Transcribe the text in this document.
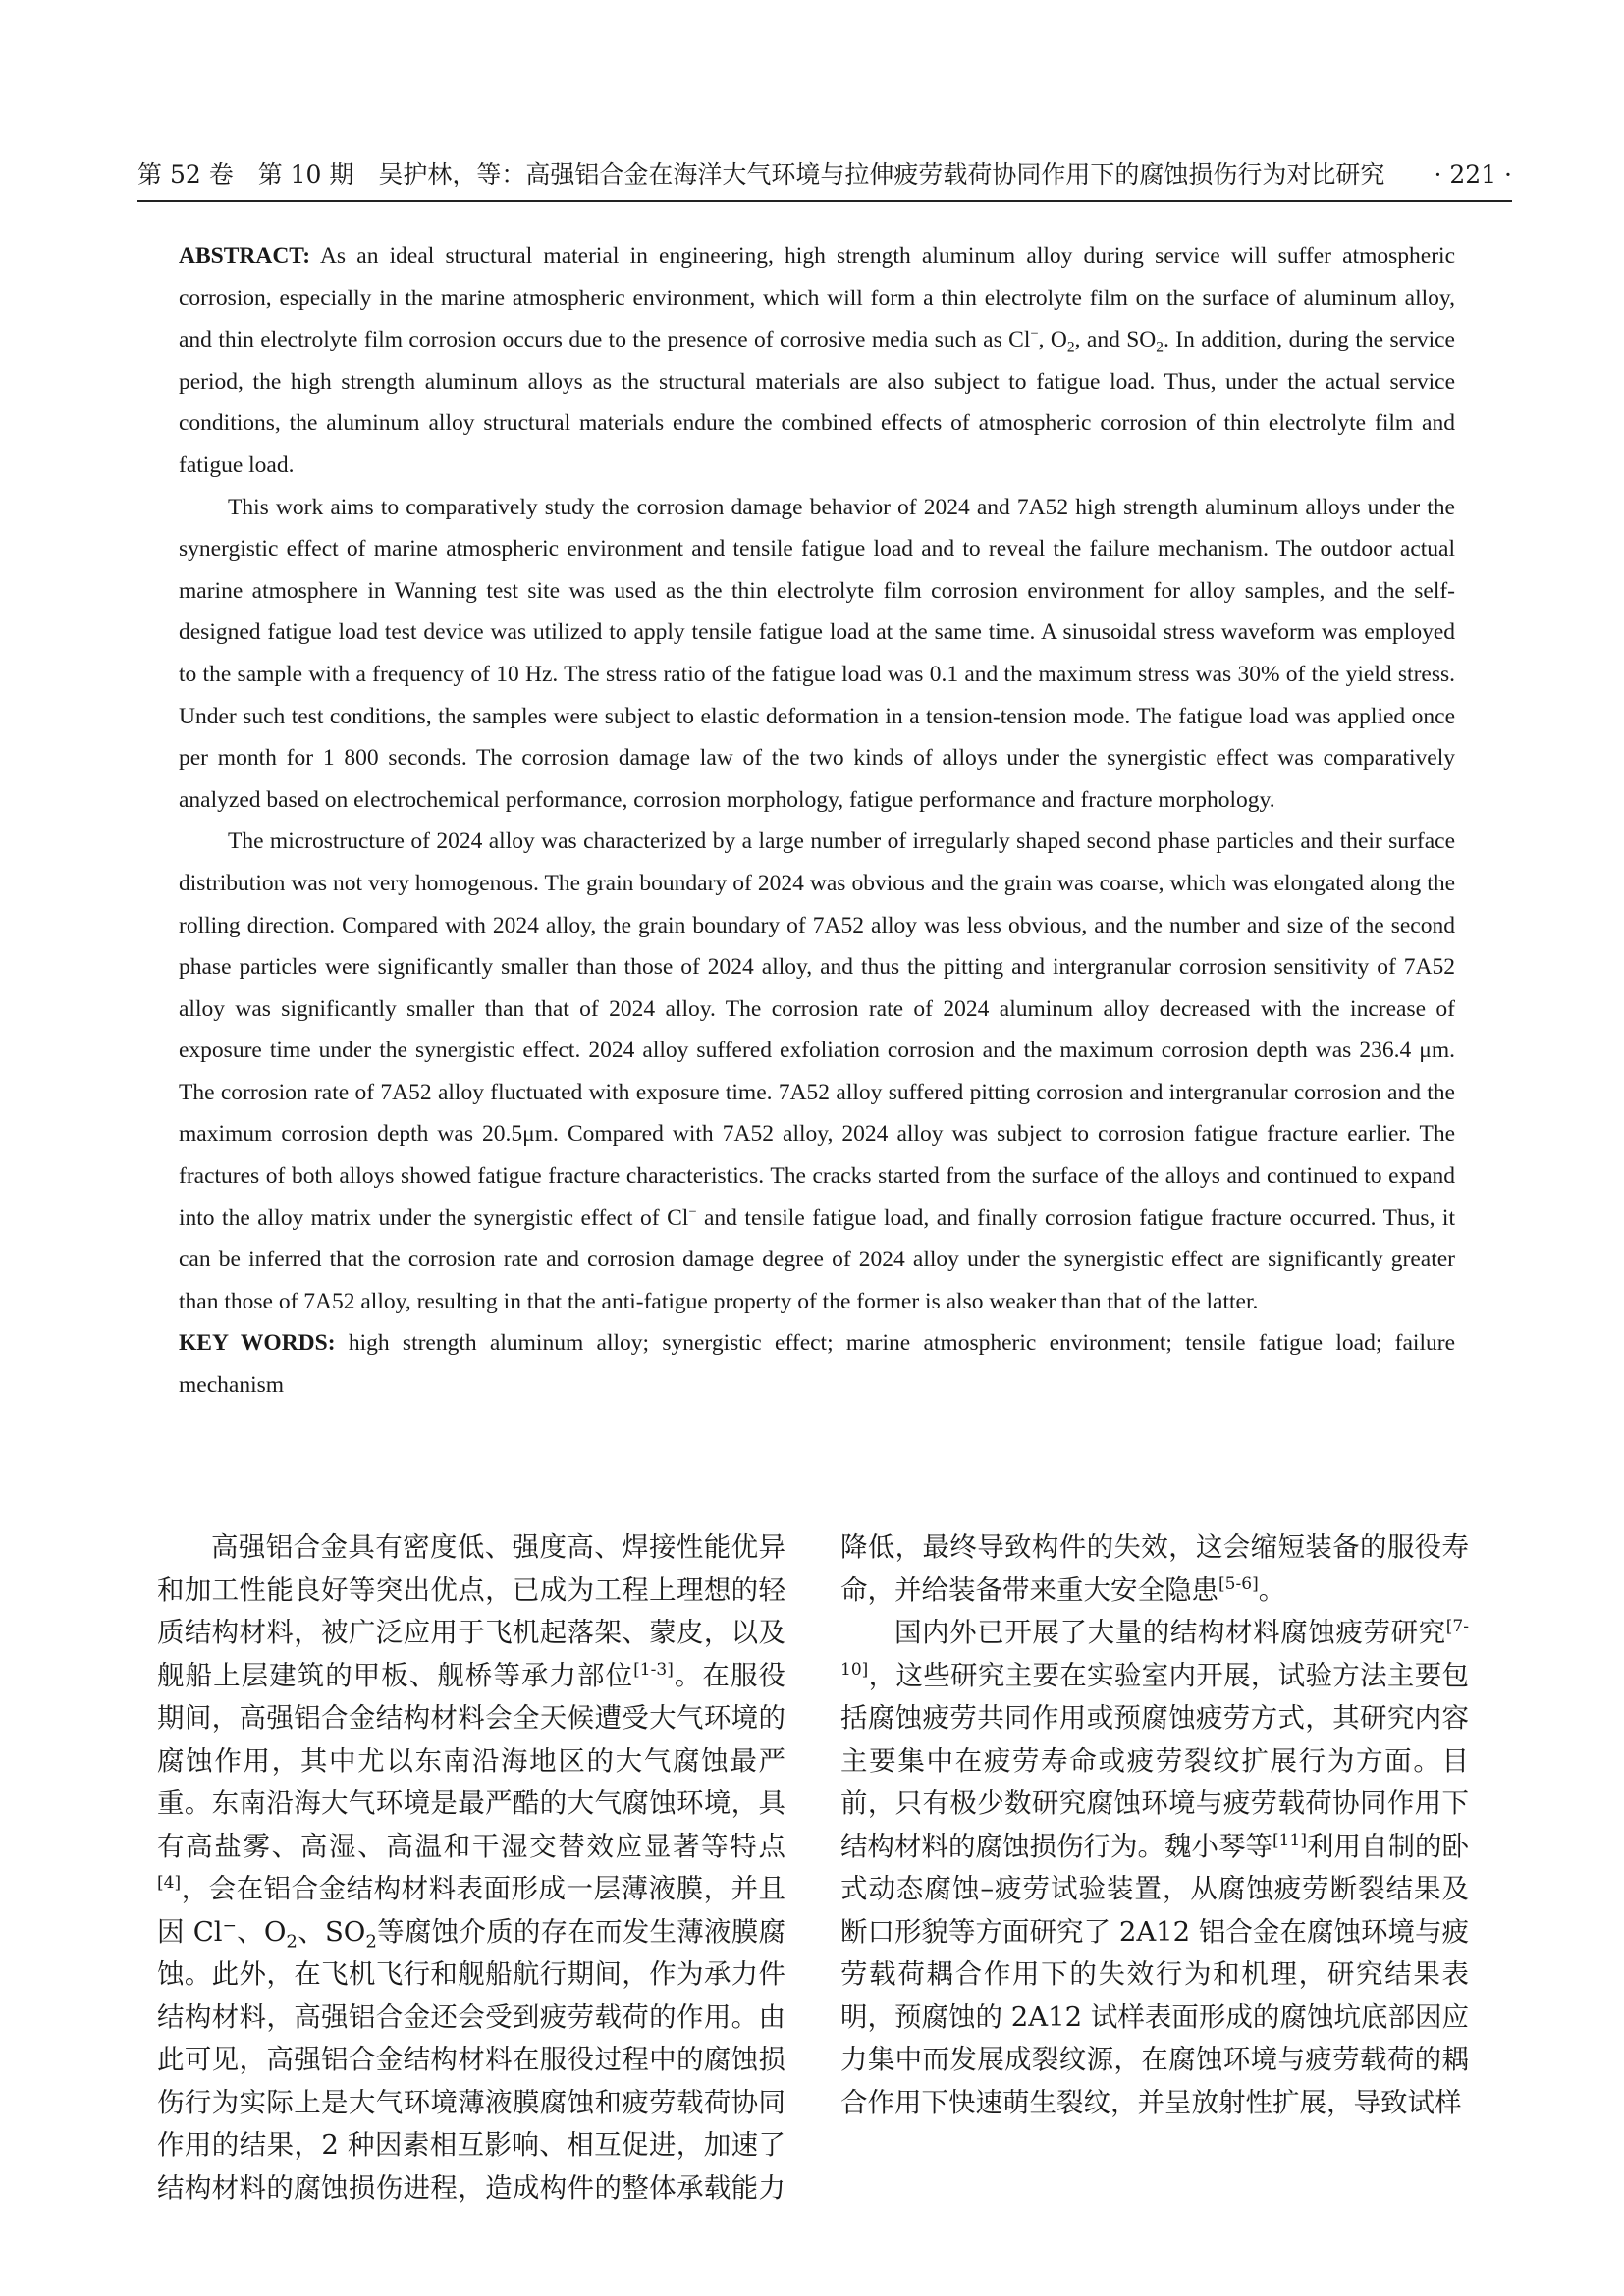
第 52 卷　第 10 期　吴护林，等：高强铝合金在海洋大气环境与拉伸疲劳载荷协同作用下的腐蚀损伤行为对比研究 · 221 ·

ABSTRACT: As an ideal structural material in engineering, high strength aluminum alloy during service will suffer atmospheric corrosion, especially in the marine atmospheric environment, which will form a thin electrolyte film on the surface of aluminum alloy, and thin electrolyte film corrosion occurs due to the presence of corrosive media such as Cl−, $O_2$, and $SO_2$. In addition, during the service period, the high strength aluminum alloys as the structural materials are also subject to fatigue load. Thus, under the actual service conditions, the aluminum alloy structural materials endure the combined effects of atmospheric corrosion of thin electrolyte film and fatigue load.

This work aims to comparatively study the corrosion damage behavior of 2024 and 7A52 high strength aluminum alloys under the synergistic effect of marine atmospheric environment and tensile fatigue load and to reveal the failure mechanism. The outdoor actual marine atmosphere in Wanning test site was used as the thin electrolyte film corrosion environment for alloy samples, and the self-designed fatigue load test device was utilized to apply tensile fatigue load at the same time. A sinusoidal stress waveform was employed to the sample with a frequency of 10 Hz. The stress ratio of the fatigue load was 0.1 and the maximum stress was 30% of the yield stress. Under such test conditions, the samples were subject to elastic deformation in a tension-tension mode. The fatigue load was applied once per month for 1 800 seconds. The corrosion damage law of the two kinds of alloys under the synergistic effect was comparatively analyzed based on electrochemical performance, corrosion morphology, fatigue performance and fracture morphology.

The microstructure of 2024 alloy was characterized by a large number of irregularly shaped second phase particles and their surface distribution was not very homogenous. The grain boundary of 2024 was obvious and the grain was coarse, which was elongated along the rolling direction. Compared with 2024 alloy, the grain boundary of 7A52 alloy was less obvious, and the number and size of the second phase particles were significantly smaller than those of 2024 alloy, and thus the pitting and intergranular corrosion sensitivity of 7A52 alloy was significantly smaller than that of 2024 alloy. The corrosion rate of 2024 aluminum alloy decreased with the increase of exposure time under the synergistic effect. 2024 alloy suffered exfoliation corrosion and the maximum corrosion depth was 236.4 μm. The corrosion rate of 7A52 alloy fluctuated with exposure time. 7A52 alloy suffered pitting corrosion and intergranular corrosion and the maximum corrosion depth was 20.5μm. Compared with 7A52 alloy, 2024 alloy was subject to corrosion fatigue fracture earlier. The fractures of both alloys showed fatigue fracture characteristics. The cracks started from the surface of the alloys and continued to expand into the alloy matrix under the synergistic effect of Cl− and tensile fatigue load, and finally corrosion fatigue fracture occurred. Thus, it can be inferred that the corrosion rate and corrosion damage degree of 2024 alloy under the synergistic effect are significantly greater than those of 7A52 alloy, resulting in that the anti-fatigue property of the former is also weaker than that of the latter.

KEY WORDS: high strength aluminum alloy; synergistic effect; marine atmospheric environment; tensile fatigue load; failure mechanism

高强铝合金具有密度低、强度高、焊接性能优异和加工性能良好等突出优点，已成为工程上理想的轻质结构材料，被广泛应用于飞机起落架、蒙皮，以及舰船上层建筑的甲板、舰桥等承力部位[1-3]。在服役期间，高强铝合金结构材料会全天候遭受大气环境的腐蚀作用，其中尤以东南沿海地区的大气腐蚀最严重。东南沿海大气环境是最严酷的大气腐蚀环境，具有高盐雾、高湿、高温和干湿交替效应显著等特点[4]，会在铝合金结构材料表面形成一层薄液膜，并且因 Cl−、$O_2$、$SO_2$等腐蚀介质的存在而发生薄液膜腐蚀。此外，在飞机飞行和舰船航行期间，作为承力件结构材料，高强铝合金还会受到疲劳载荷的作用。由此可见，高强铝合金结构材料在服役过程中的腐蚀损伤行为实际上是大气环境薄液膜腐蚀和疲劳载荷协同作用的结果，2 种因素相互影响、相互促进，加速了结构材料的腐蚀损伤进程，造成构件的整体承载能力降低，最终导致构件的失效，这会缩短装备的服役寿命，并给装备带来重大安全隐患[5-6]。

国内外已开展了大量的结构材料腐蚀疲劳研究[7-10]，这些研究主要在实验室内开展，试验方法主要包括腐蚀疲劳共同作用或预腐蚀疲劳方式，其研究内容主要集中在疲劳寿命或疲劳裂纹扩展行为方面。目前，只有极少数研究腐蚀环境与疲劳载荷协同作用下结构材料的腐蚀损伤行为。魏小琴等[11]利用自制的卧式动态腐蚀–疲劳试验装置，从腐蚀疲劳断裂结果及断口形貌等方面研究了 2A12 铝合金在腐蚀环境与疲劳载荷耦合作用下的失效行为和机理，研究结果表明，预腐蚀的 2A12 试样表面形成的腐蚀坑底部因应力集中而发展成裂纹源，在腐蚀环境与疲劳载荷的耦合作用下快速萌生裂纹，并呈放射性扩展，导致试样
